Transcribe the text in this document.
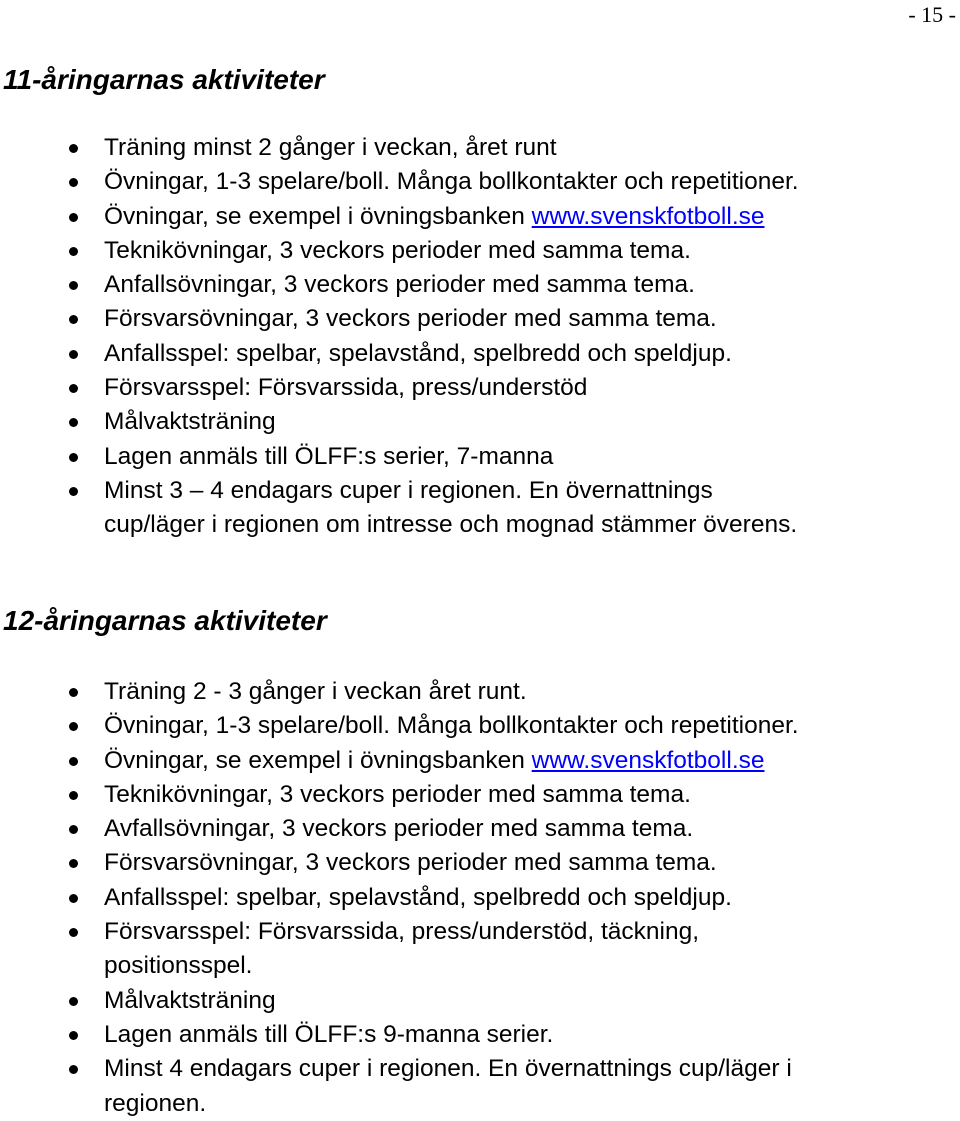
- 15 -
11-åringarnas aktiviteter
Träning minst 2 gånger i veckan, året runt
Övningar, 1-3 spelare/boll. Många bollkontakter och repetitioner.
Övningar, se exempel i övningsbanken www.svenskfotboll.se
Teknikövningar, 3 veckors perioder med samma tema.
Anfallsövningar, 3 veckors perioder med samma tema.
Försvarsövningar, 3 veckors perioder med samma tema.
Anfallsspel: spelbar, spelavstånd, spelbredd och speldjup.
Försvarsspel: Försvarssida, press/understöd
Målvaktsträning
Lagen anmäls till ÖLFF:s serier, 7-manna
Minst 3 – 4 endagars cuper i regionen. En övernattnings
cup/läger i regionen om intresse och mognad stämmer överens.
12-åringarnas aktiviteter
Träning 2 - 3 gånger i veckan året runt.
Övningar, 1-3 spelare/boll. Många bollkontakter och repetitioner.
Övningar, se exempel i övningsbanken www.svenskfotboll.se
Teknikövningar, 3 veckors perioder med samma tema.
Avfallsövningar, 3 veckors perioder med samma tema.
Försvarsövningar, 3 veckors perioder med samma tema.
Anfallsspel: spelbar, spelavstånd, spelbredd och speldjup.
Försvarsspel: Försvarssida, press/understöd, täckning,
positionsspel.
Målvaktsträning
Lagen anmäls till ÖLFF:s 9-manna serier.
Minst 4 endagars cuper i regionen. En övernattnings cup/läger i
regionen.
